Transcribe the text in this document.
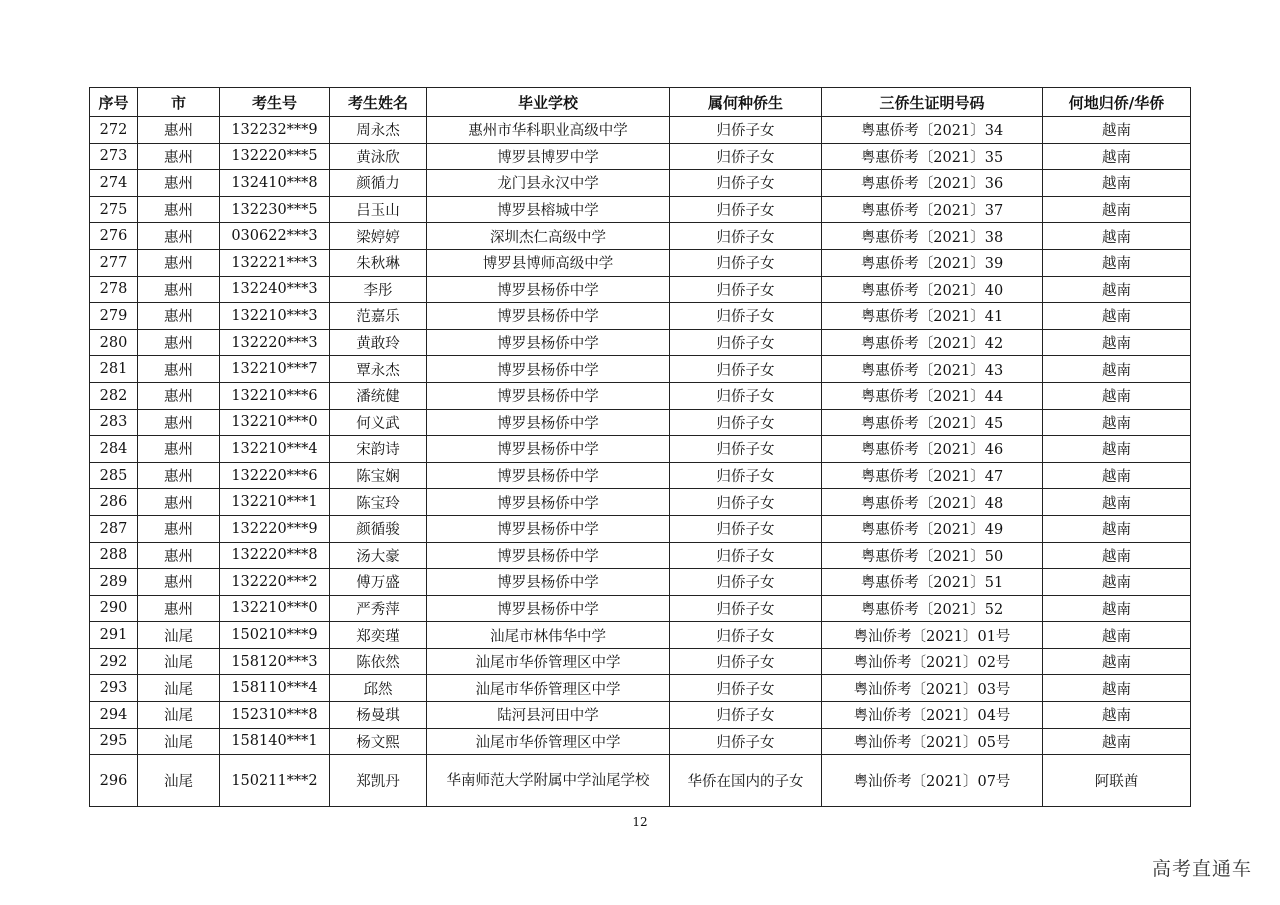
序号	市	考生号	考生姓名	毕业学校	属何种侨生	三侨生证明号码	何地归侨/华侨
272	惠州	132232***9	周永杰	惠州市华科职业高级中学	归侨子女	粤惠侨考〔2021〕34	越南
273	惠州	132220***5	黄泳欣	博罗县博罗中学	归侨子女	粤惠侨考〔2021〕35	越南
274	惠州	132410***8	颜循力	龙门县永汉中学	归侨子女	粤惠侨考〔2021〕36	越南
275	惠州	132230***5	吕玉山	博罗县榕城中学	归侨子女	粤惠侨考〔2021〕37	越南
276	惠州	030622***3	梁婷婷	深圳杰仁高级中学	归侨子女	粤惠侨考〔2021〕38	越南
277	惠州	132221***3	朱秋琳	博罗县博师高级中学	归侨子女	粤惠侨考〔2021〕39	越南
278	惠州	132240***3	李彤	博罗县杨侨中学	归侨子女	粤惠侨考〔2021〕40	越南
279	惠州	132210***3	范嘉乐	博罗县杨侨中学	归侨子女	粤惠侨考〔2021〕41	越南
280	惠州	132220***3	黄敢玲	博罗县杨侨中学	归侨子女	粤惠侨考〔2021〕42	越南
281	惠州	132210***7	覃永杰	博罗县杨侨中学	归侨子女	粤惠侨考〔2021〕43	越南
282	惠州	132210***6	潘统健	博罗县杨侨中学	归侨子女	粤惠侨考〔2021〕44	越南
283	惠州	132210***0	何义武	博罗县杨侨中学	归侨子女	粤惠侨考〔2021〕45	越南
284	惠州	132210***4	宋韵诗	博罗县杨侨中学	归侨子女	粤惠侨考〔2021〕46	越南
285	惠州	132220***6	陈宝娴	博罗县杨侨中学	归侨子女	粤惠侨考〔2021〕47	越南
286	惠州	132210***1	陈宝玲	博罗县杨侨中学	归侨子女	粤惠侨考〔2021〕48	越南
287	惠州	132220***9	颜循骏	博罗县杨侨中学	归侨子女	粤惠侨考〔2021〕49	越南
288	惠州	132220***8	汤大豪	博罗县杨侨中学	归侨子女	粤惠侨考〔2021〕50	越南
289	惠州	132220***2	傅万盛	博罗县杨侨中学	归侨子女	粤惠侨考〔2021〕51	越南
290	惠州	132210***0	严秀萍	博罗县杨侨中学	归侨子女	粤惠侨考〔2021〕52	越南
291	汕尾	150210***9	郑奕瑾	汕尾市林伟华中学	归侨子女	粤汕侨考〔2021〕01号	越南
292	汕尾	158120***3	陈依然	汕尾市华侨管理区中学	归侨子女	粤汕侨考〔2021〕02号	越南
293	汕尾	158110***4	邱然	汕尾市华侨管理区中学	归侨子女	粤汕侨考〔2021〕03号	越南
294	汕尾	152310***8	杨曼琪	陆河县河田中学	归侨子女	粤汕侨考〔2021〕04号	越南
295	汕尾	158140***1	杨文熙	汕尾市华侨管理区中学	归侨子女	粤汕侨考〔2021〕05号	越南
296	汕尾	150211***2	郑凯丹	华南师范大学附属中学汕尾学校	华侨在国内的子女	粤汕侨考〔2021〕07号	阿联酋
12
高考直通车
